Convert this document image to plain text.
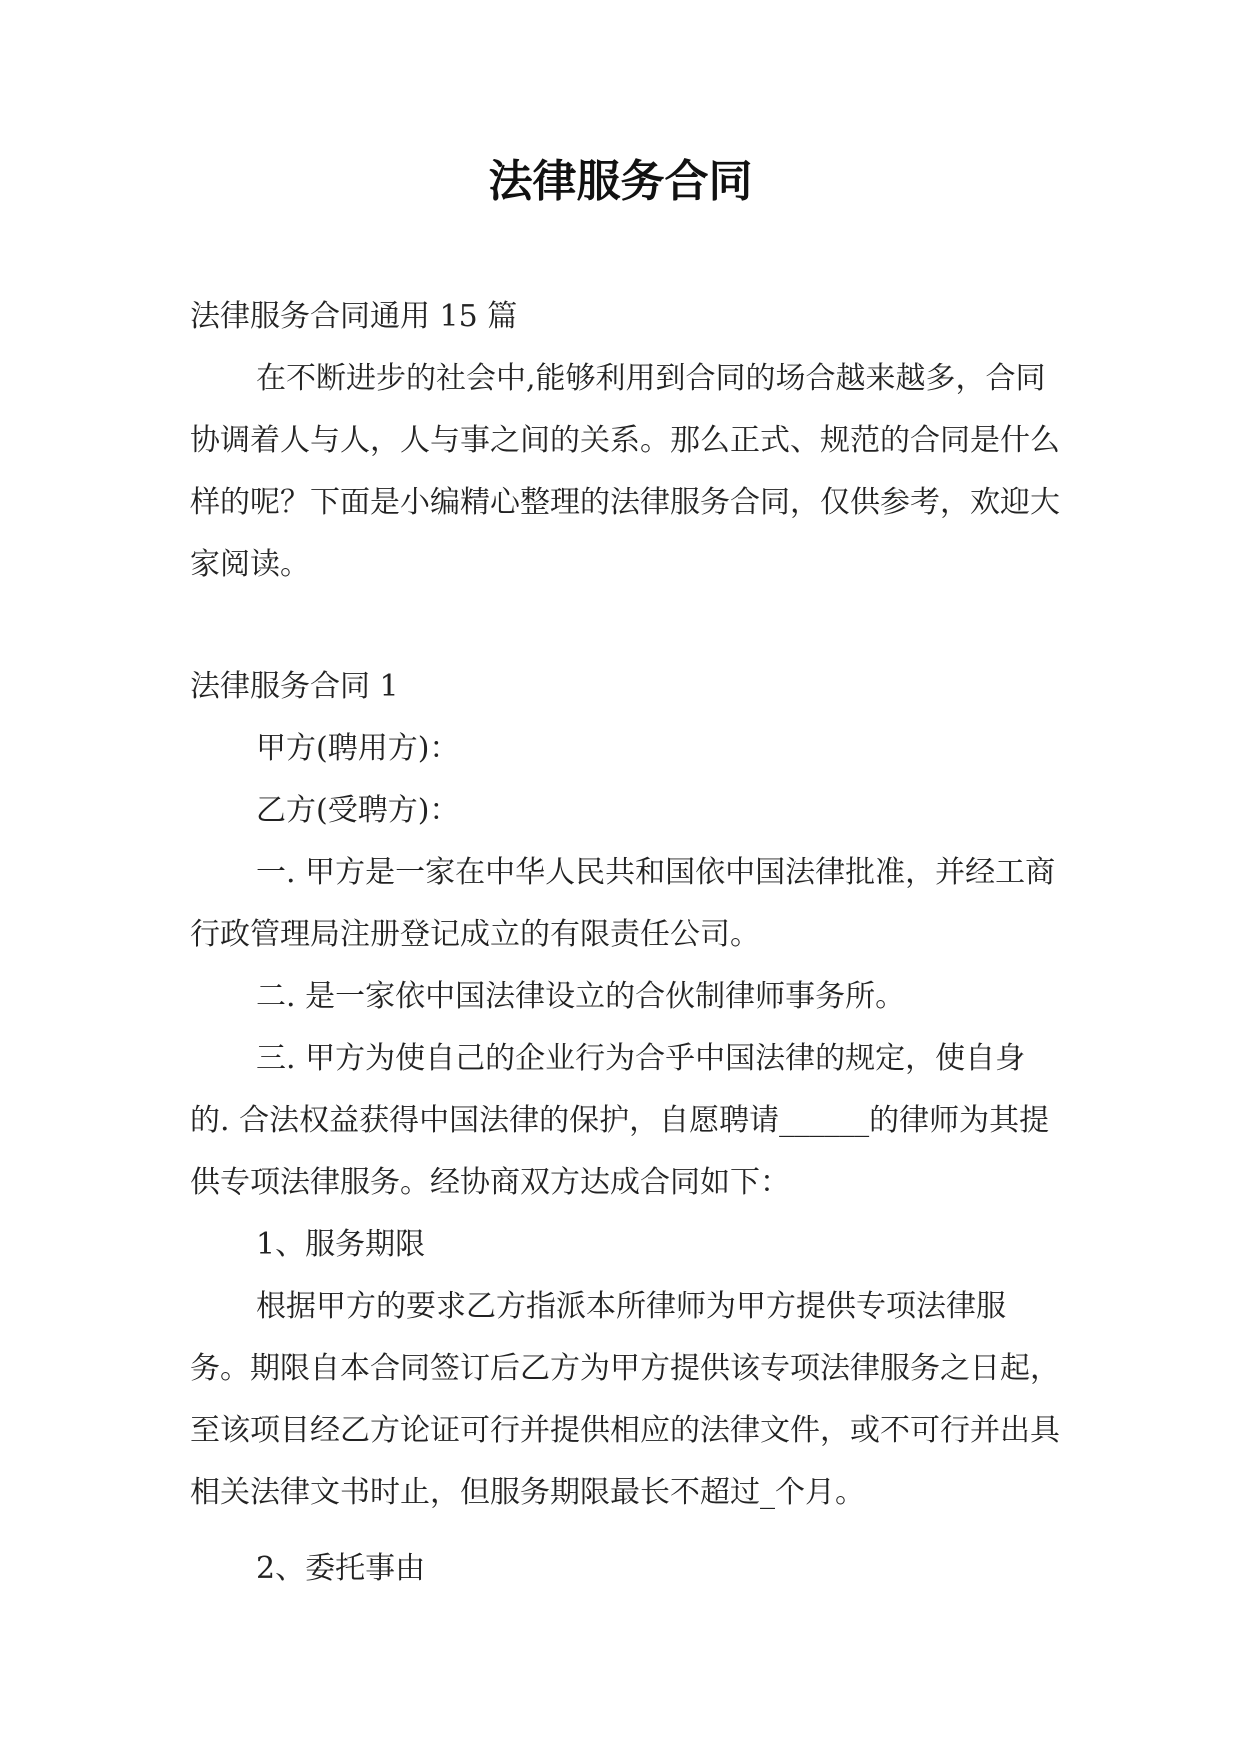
法律服务合同

法律服务合同通用 15 篇

在不断进步的社会中,能够利用到合同的场合越来越多，合同协调着人与人，人与事之间的关系。那么正式、规范的合同是什么样的呢？下面是小编精心整理的法律服务合同，仅供参考，欢迎大家阅读。

法律服务合同 1

甲方(聘用方)：

乙方(受聘方)：

一. 甲方是一家在中华人民共和国依中国法律批准，并经工商行政管理局注册登记成立的有限责任公司。

二. 是一家依中国法律设立的合伙制律师事务所。

三. 甲方为使自己的企业行为合乎中国法律的规定，使自身的. 合法权益获得中国法律的保护，自愿聘请______的律师为其提供专项法律服务。经协商双方达成合同如下：

1、服务期限

根据甲方的要求乙方指派本所律师为甲方提供专项法律服务。期限自本合同签订后乙方为甲方提供该专项法律服务之日起，至该项目经乙方论证可行并提供相应的法律文件，或不可行并出具相关法律文书时止，但服务期限最长不超过_个月。

2、委托事由
